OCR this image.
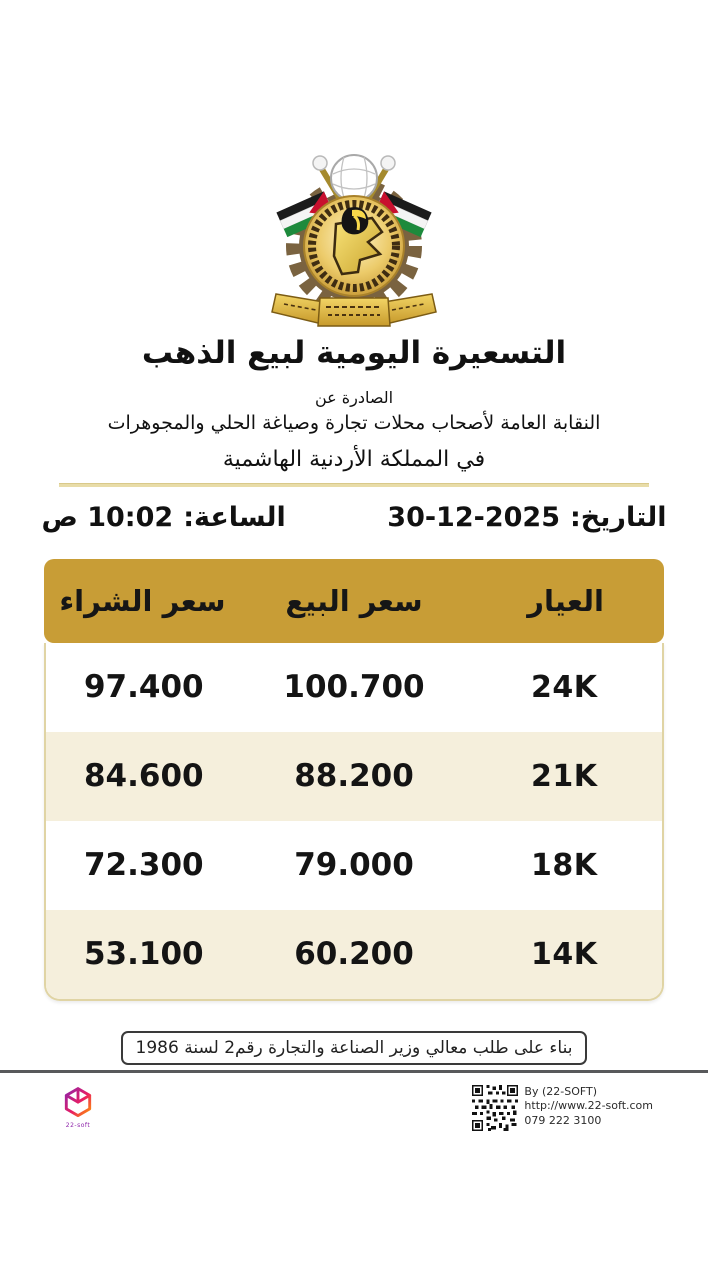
التسعيرة اليومية لبيع الذهب
الصادرة عن
النقابة العامة لأصحاب محلات تجارة وصياغة الحلي والمجوهرات
في المملكة الأردنية الهاشمية
التاريخ:
30-12-2025
الساعة:
10:02 ص
العيار
سعر البيع
سعر الشراء
24K
100.700
97.400
21K
88.200
84.600
18K
79.000
72.300
14K
60.200
53.100
بناء على طلب معالي وزير الصناعة والتجارة رقم2 لسنة 1986
22-soft
By (22-SOFT)
http://www.22-soft.com
079 222 3100
